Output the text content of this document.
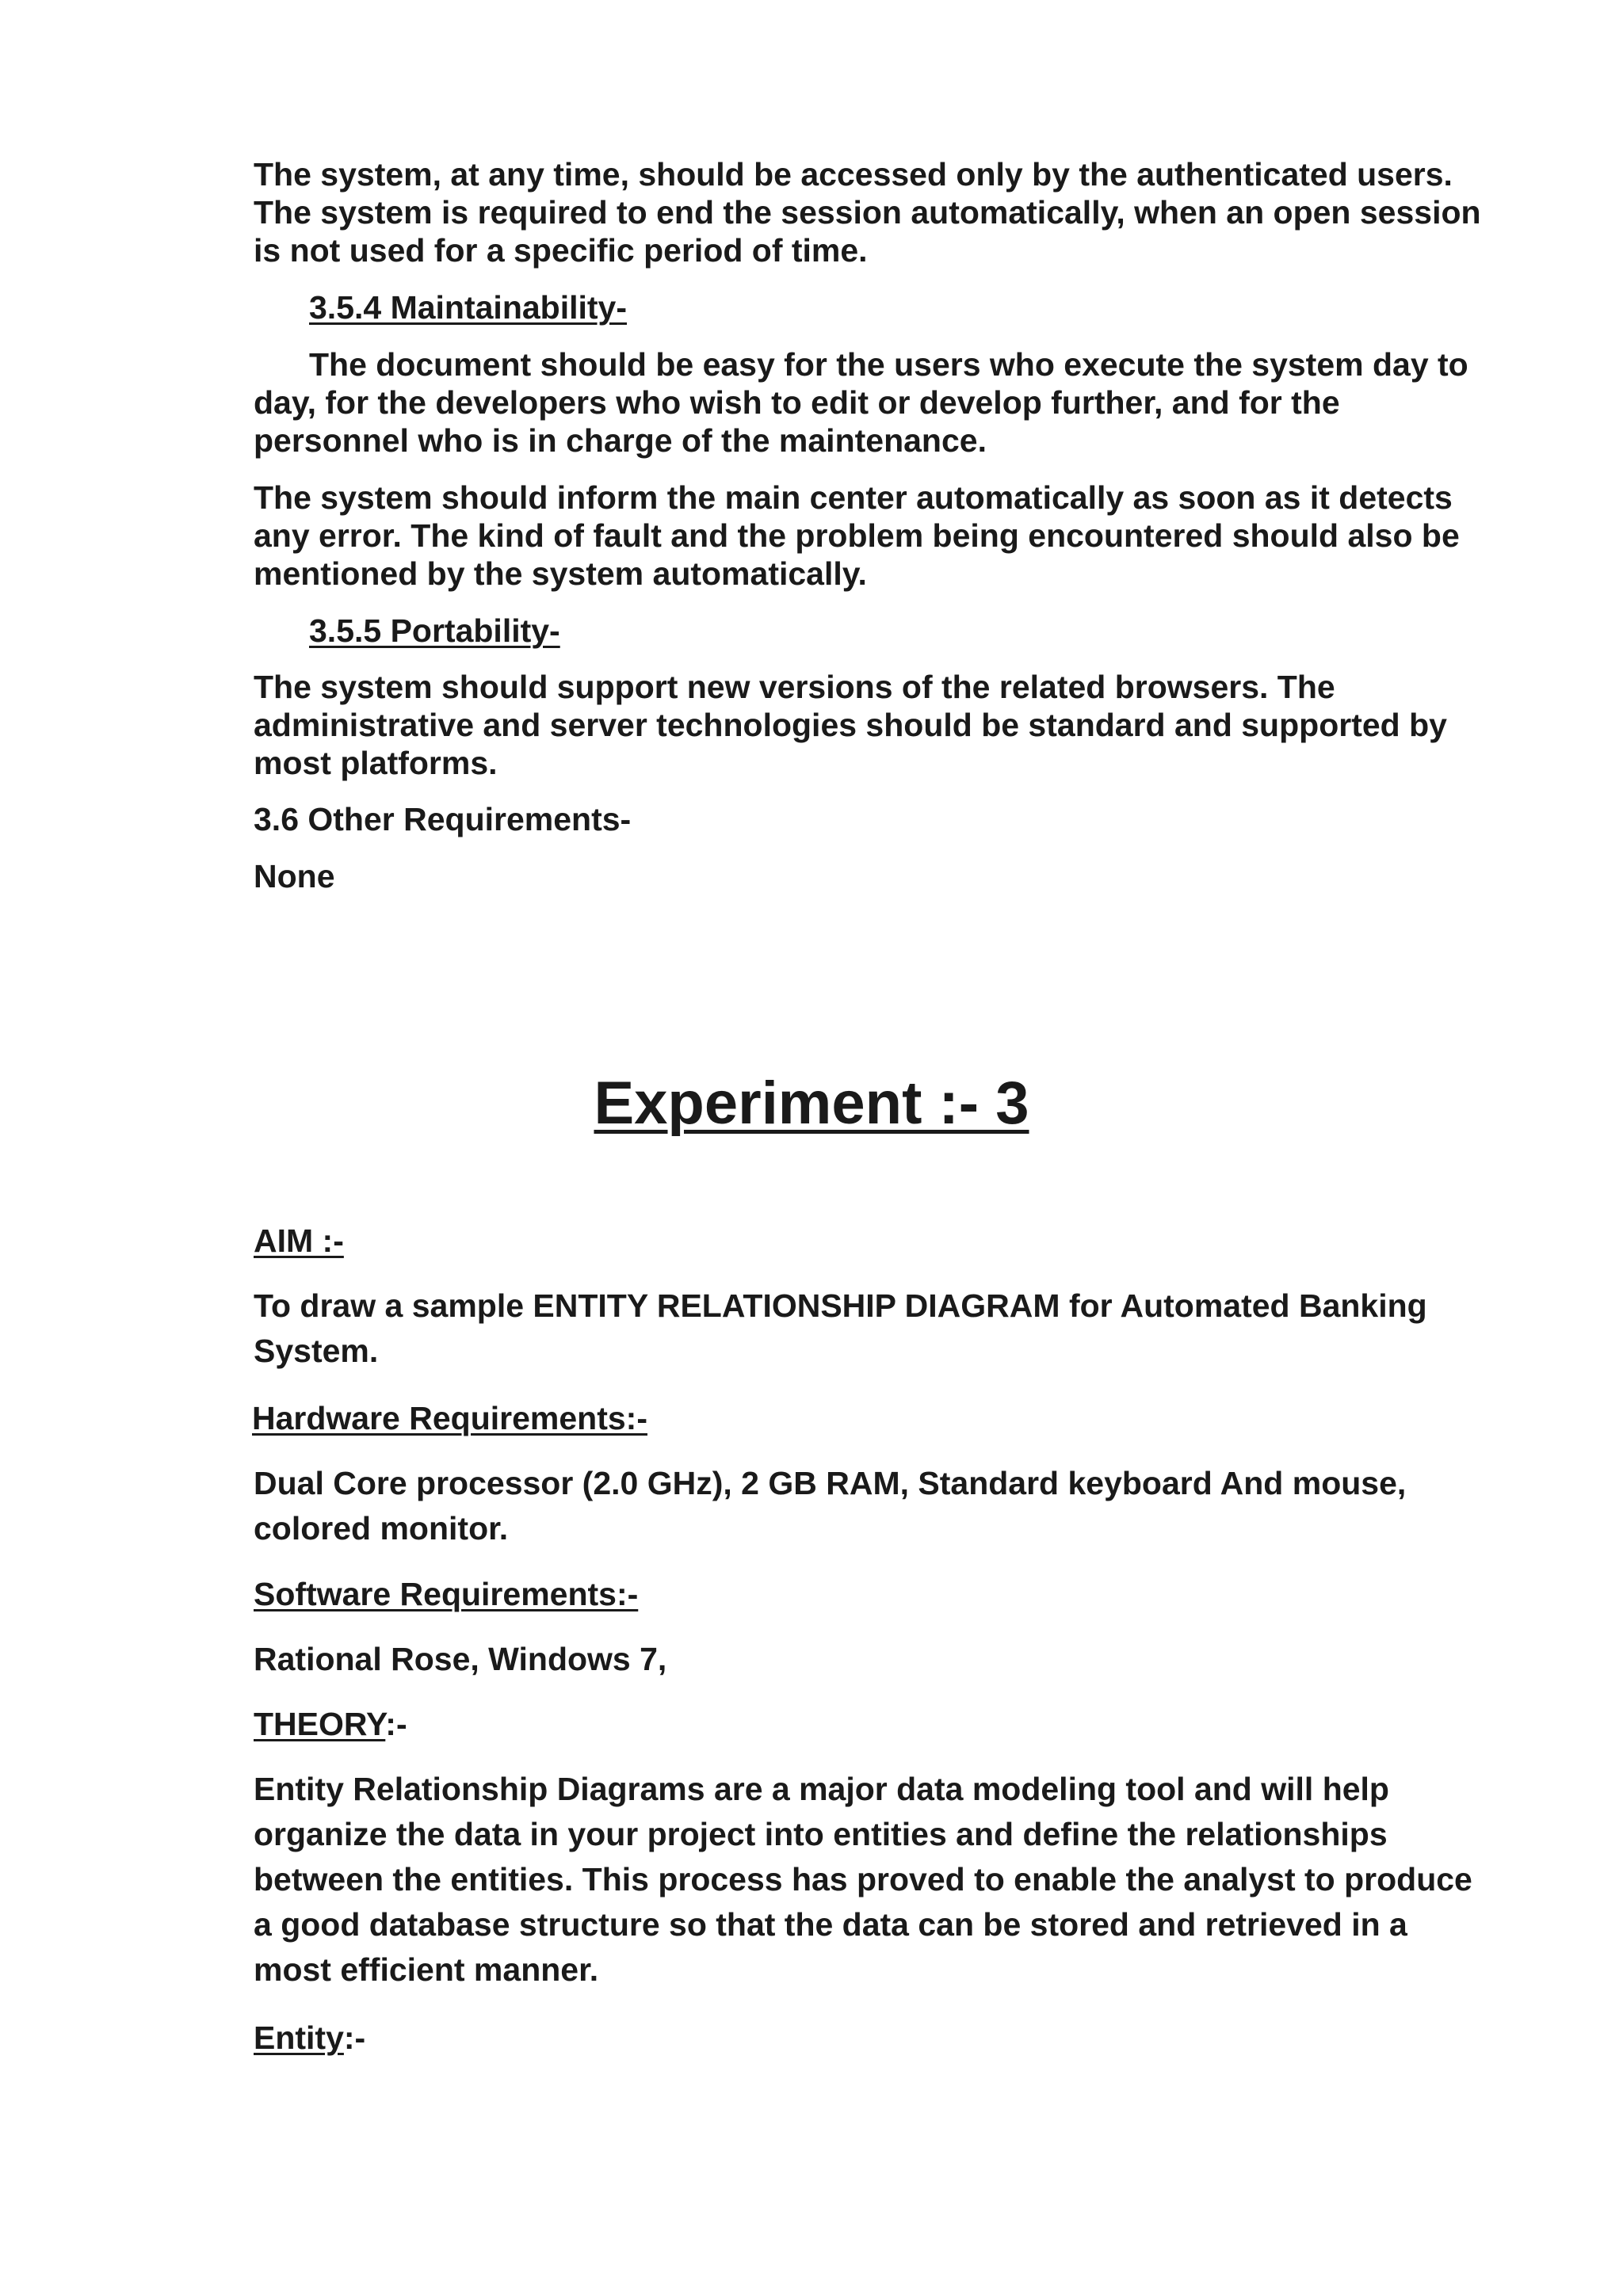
The system, at any time, should be accessed only by the authenticated users. The system is required to end the session automatically, when an open session is not used for a specific period of time.

3.5.4 Maintainability-

The document should be easy for the users who execute the system day to day, for the developers who wish to edit or develop further, and for the personnel who is in charge of the maintenance.

The system should inform the main center automatically as soon as it detects any error. The kind of fault and the problem being encountered should also be mentioned by the system automatically.

3.5.5 Portability-

The system should support new versions of the related browsers. The administrative and server technologies should be standard and supported by most platforms.

3.6 Other Requirements-

None

Experiment :- 3

AIM :-

To draw a sample ENTITY RELATIONSHIP DIAGRAM for Automated Banking System.

Hardware Requirements:-

Dual Core processor (2.0 GHz), 2 GB RAM, Standard keyboard And mouse, colored monitor.

Software Requirements:-

Rational Rose, Windows 7,

THEORY:-

Entity Relationship Diagrams are a major data modeling tool and will help organize the data in your project into entities and define the relationships between the entities. This process has proved to enable the analyst to produce a good database structure so that the data can be stored and retrieved in a most efficient manner.

Entity:-
